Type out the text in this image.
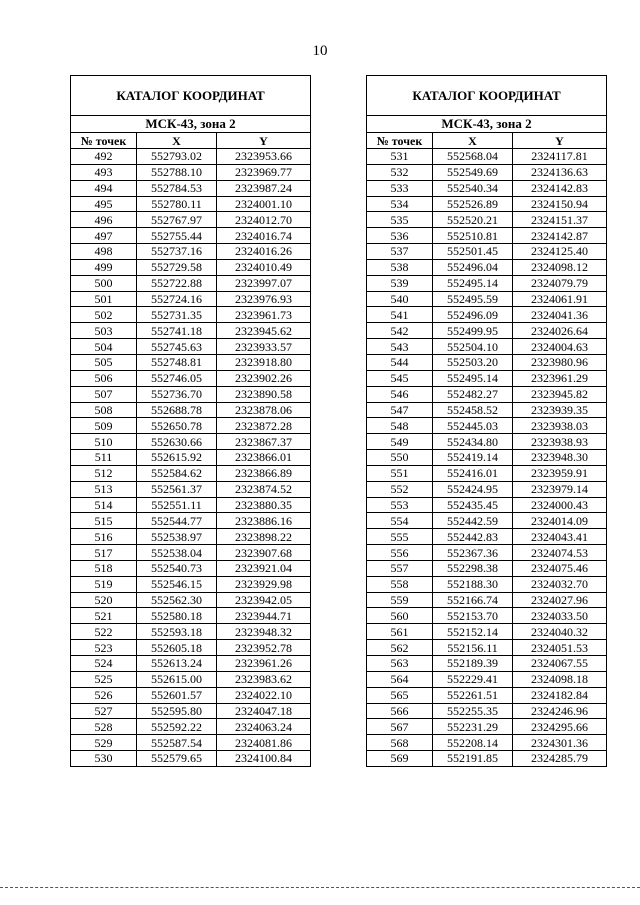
10
КАТАЛОГ КООРДИНАТ		
МСК-43, зона 2		
№ точек	X	Y
492	552793.02	2323953.66
493	552788.10	2323969.77
494	552784.53	2323987.24
495	552780.11	2324001.10
496	552767.97	2324012.70
497	552755.44	2324016.74
498	552737.16	2324016.26
499	552729.58	2324010.49
500	552722.88	2323997.07
501	552724.16	2323976.93
502	552731.35	2323961.73
503	552741.18	2323945.62
504	552745.63	2323933.57
505	552748.81	2323918.80
506	552746.05	2323902.26
507	552736.70	2323890.58
508	552688.78	2323878.06
509	552650.78	2323872.28
510	552630.66	2323867.37
511	552615.92	2323866.01
512	552584.62	2323866.89
513	552561.37	2323874.52
514	552551.11	2323880.35
515	552544.77	2323886.16
516	552538.97	2323898.22
517	552538.04	2323907.68
518	552540.73	2323921.04
519	552546.15	2323929.98
520	552562.30	2323942.05
521	552580.18	2323944.71
522	552593.18	2323948.32
523	552605.18	2323952.78
524	552613.24	2323961.26
525	552615.00	2323983.62
526	552601.57	2324022.10
527	552595.80	2324047.18
528	552592.22	2324063.24
529	552587.54	2324081.86
530	552579.65	2324100.84
КАТАЛОГ КООРДИНАТ		
МСК-43, зона 2		
№ точек	X	Y
531	552568.04	2324117.81
532	552549.69	2324136.63
533	552540.34	2324142.83
534	552526.89	2324150.94
535	552520.21	2324151.37
536	552510.81	2324142.87
537	552501.45	2324125.40
538	552496.04	2324098.12
539	552495.14	2324079.79
540	552495.59	2324061.91
541	552496.09	2324041.36
542	552499.95	2324026.64
543	552504.10	2324004.63
544	552503.20	2323980.96
545	552495.14	2323961.29
546	552482.27	2323945.82
547	552458.52	2323939.35
548	552445.03	2323938.03
549	552434.80	2323938.93
550	552419.14	2323948.30
551	552416.01	2323959.91
552	552424.95	2323979.14
553	552435.45	2324000.43
554	552442.59	2324014.09
555	552442.83	2324043.41
556	552367.36	2324074.53
557	552298.38	2324075.46
558	552188.30	2324032.70
559	552166.74	2324027.96
560	552153.70	2324033.50
561	552152.14	2324040.32
562	552156.11	2324051.53
563	552189.39	2324067.55
564	552229.41	2324098.18
565	552261.51	2324182.84
566	552255.35	2324246.96
567	552231.29	2324295.66
568	552208.14	2324301.36
569	552191.85	2324285.79
